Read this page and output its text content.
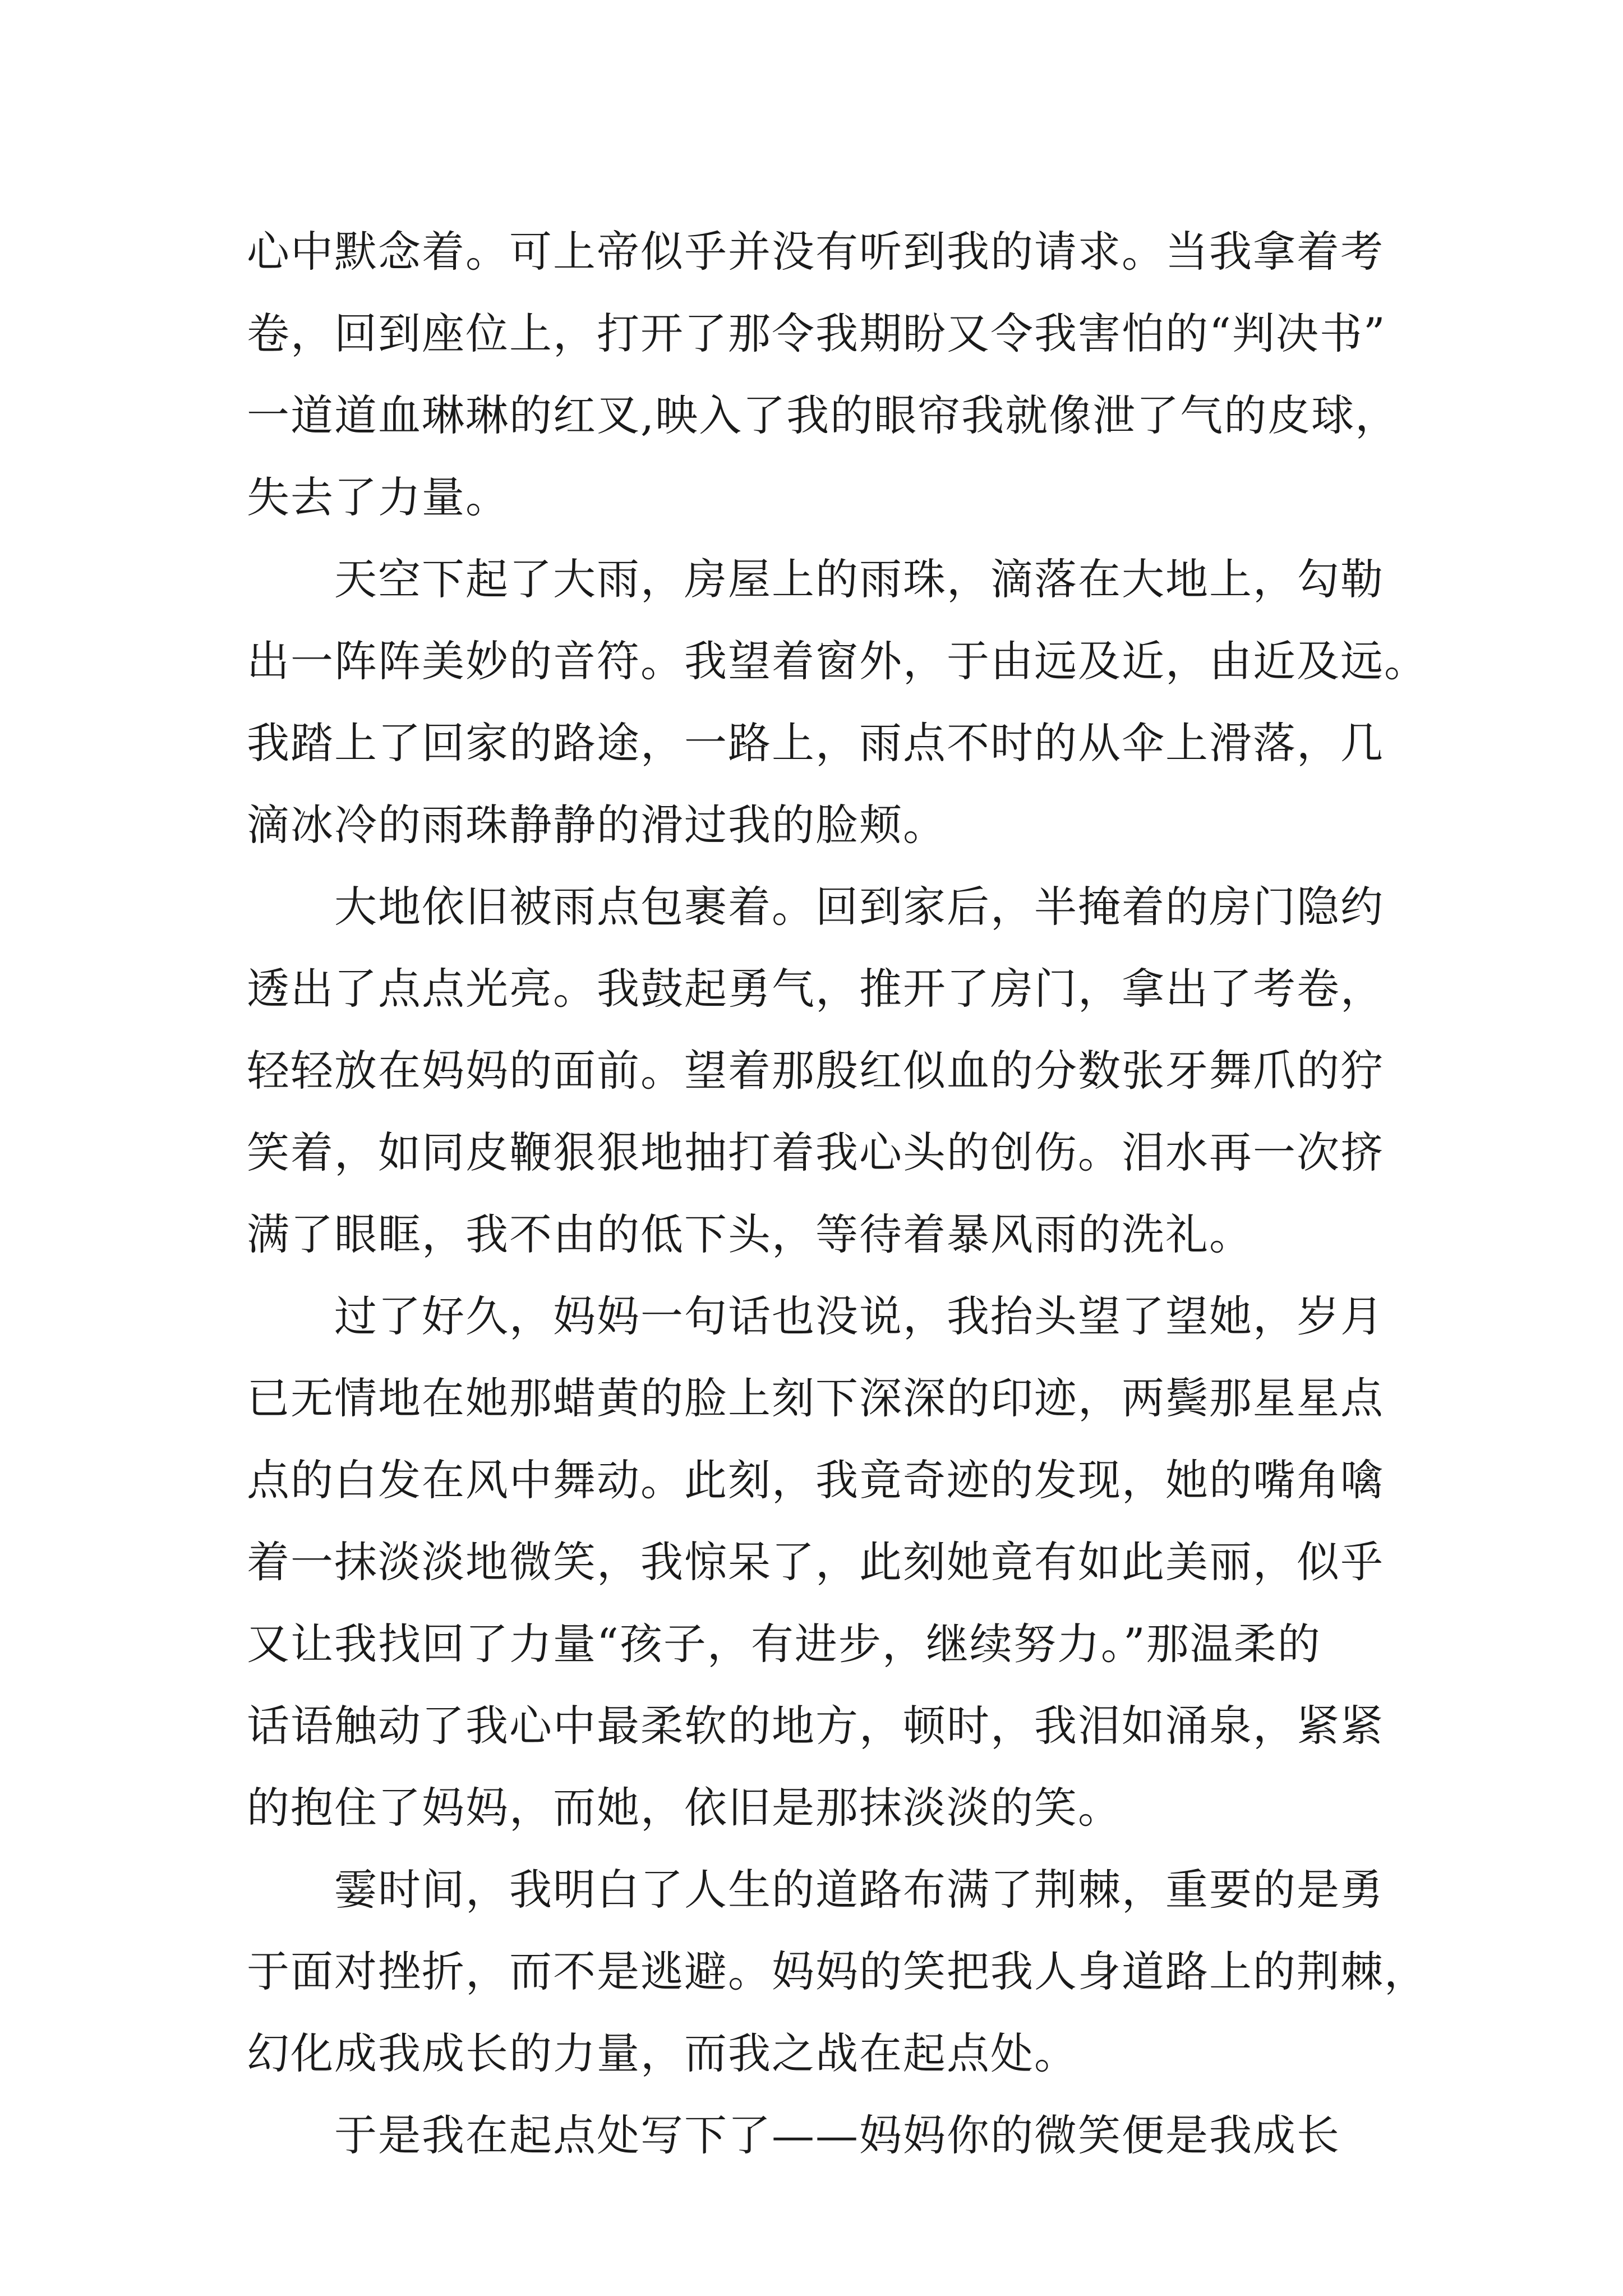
心中默念着。可上帝似乎并没有听到我的请求。当我拿着考
卷，回到座位上，打开了那令我期盼又令我害怕的“判决书”
一道道血琳琳的红叉,映入了我的眼帘我就像泄了气的皮球，
失去了力量。
天空下起了大雨，房屋上的雨珠，滴落在大地上，勾勒
出一阵阵美妙的音符。我望着窗外，于由远及近，由近及远。
我踏上了回家的路途，一路上，雨点不时的从伞上滑落，几
滴冰冷的雨珠静静的滑过我的脸颊。
大地依旧被雨点包裹着。回到家后，半掩着的房门隐约
透出了点点光亮。我鼓起勇气，推开了房门，拿出了考卷，
轻轻放在妈妈的面前。望着那殷红似血的分数张牙舞爪的狞
笑着，如同皮鞭狠狠地抽打着我心头的创伤。泪水再一次挤
满了眼眶，我不由的低下头，等待着暴风雨的洗礼。
过了好久，妈妈一句话也没说，我抬头望了望她，岁月
已无情地在她那蜡黄的脸上刻下深深的印迹，两鬓那星星点
点的白发在风中舞动。此刻，我竟奇迹的发现，她的嘴角噙
着一抹淡淡地微笑，我惊呆了，此刻她竟有如此美丽，似乎
又让我找回了力量“孩子，有进步，继续努力。”那温柔的
话语触动了我心中最柔软的地方，顿时，我泪如涌泉，紧紧
的抱住了妈妈，而她，依旧是那抹淡淡的笑。
霎时间，我明白了人生的道路布满了荆棘，重要的是勇
于面对挫折，而不是逃避。妈妈的笑把我人身道路上的荆棘，
幻化成我成长的力量，而我之战在起点处。
于是我在起点处写下了——妈妈你的微笑便是我成长
